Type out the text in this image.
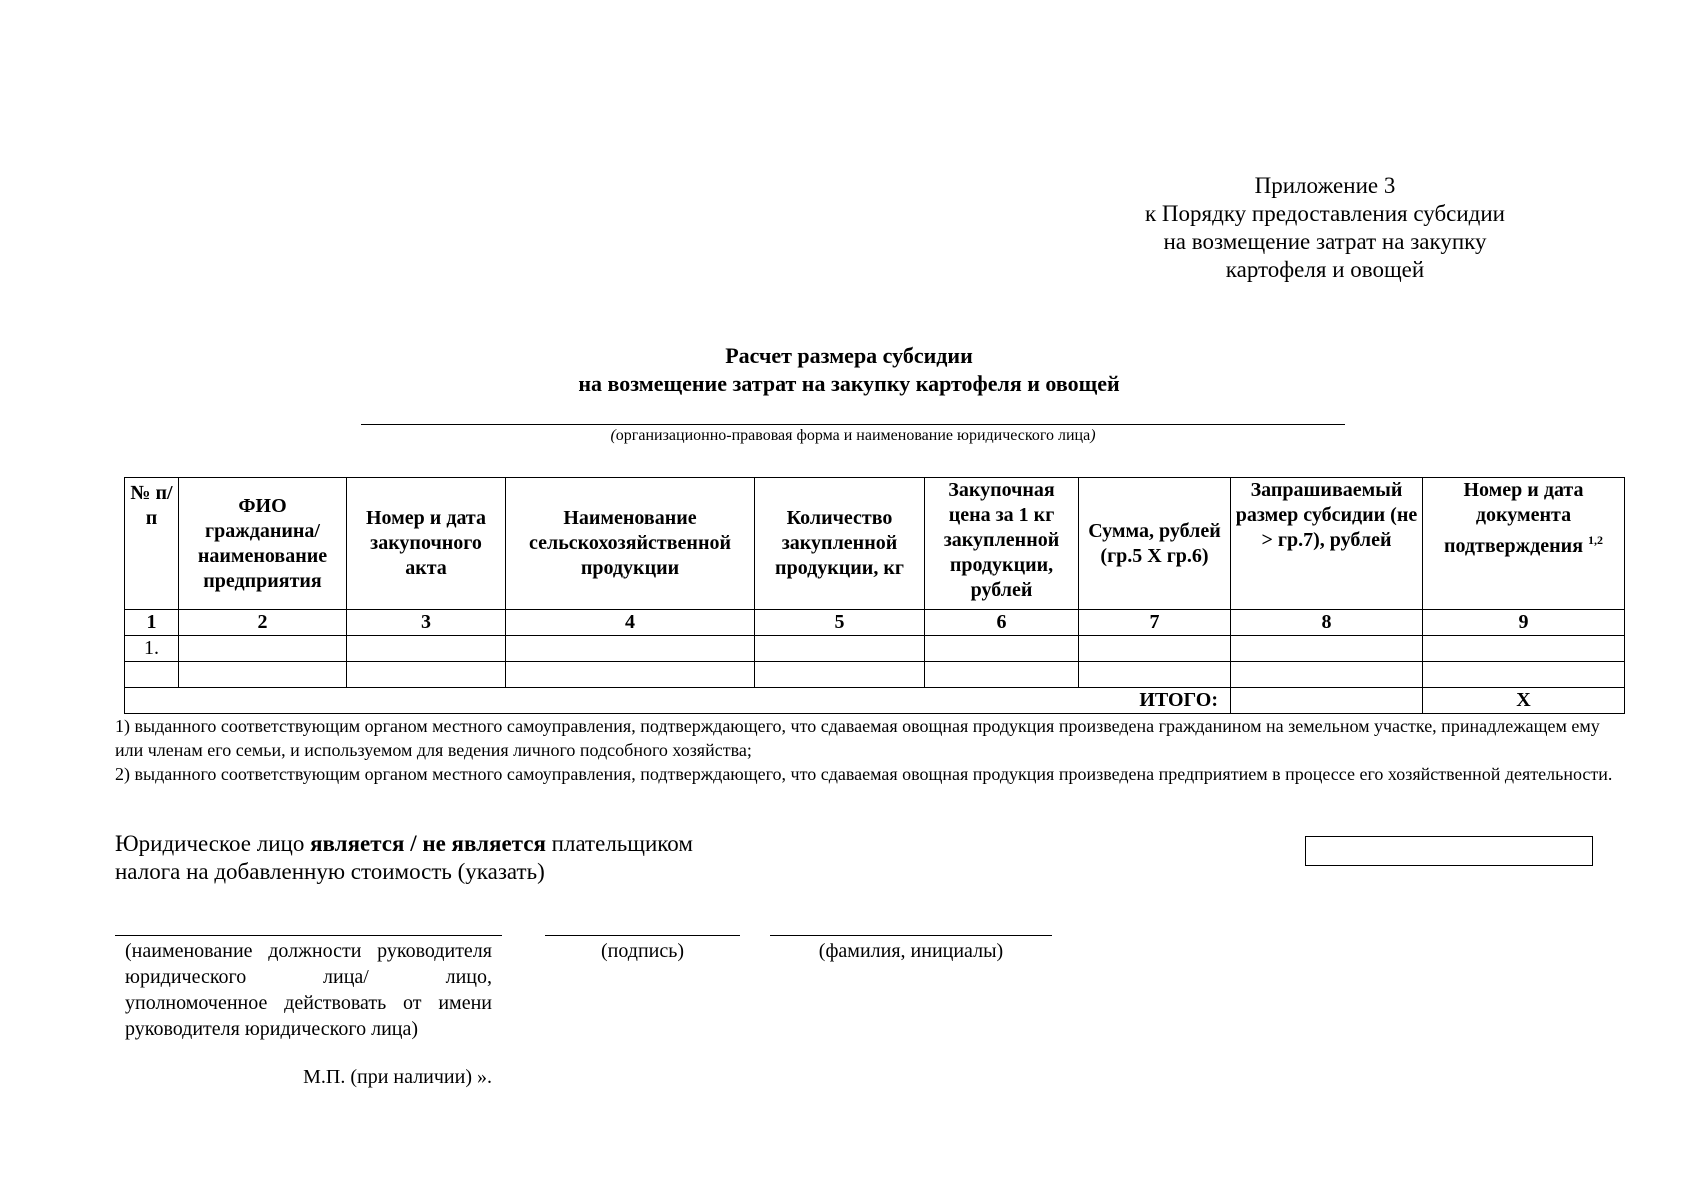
Приложение 3
к Порядку предоставления субсидии
на возмещение затрат на закупку
картофеля и овощей
Расчет размера субсидии
на возмещение затрат на закупку картофеля и овощей
(организационно-правовая форма и наименование юридического лица)
№ п/п	ФИО гражданина/ наименование предприятия	Номер и дата закупочного акта	Наименование сельскохозяйственной продукции	Количество закупленной продукции, кг	Закупочная цена за 1 кг закупленной продукции, рублей	Сумма, рублей (гр.5 Х гр.6)	Запрашиваемый размер субсидии (не > гр.7), рублей	Номер и дата документа подтверждения $^{1,2}$
1	2	3	4	5	6	7	8	9
1.								

ИТОГО:								Х
1) выданного соответствующим органом местного самоуправления, подтверждающего, что сдаваемая овощная продукция произведена гражданином на земельном участке, принадлежащем ему или членам его семьи, и используемом для ведения личного подсобного хозяйства;
2) выданного соответствующим органом местного самоуправления, подтверждающего, что сдаваемая овощная продукция произведена предприятием в процессе его хозяйственной деятельности.
Юридическое лицо является / не является плательщиком
налога на добавленную стоимость (указать)
(наименование должности руководителя юридического лица/ лицо, уполномоченное действовать от имени руководителя юридического лица)
(подпись)	(фамилия, инициалы)
М.П. (при наличии) ».
